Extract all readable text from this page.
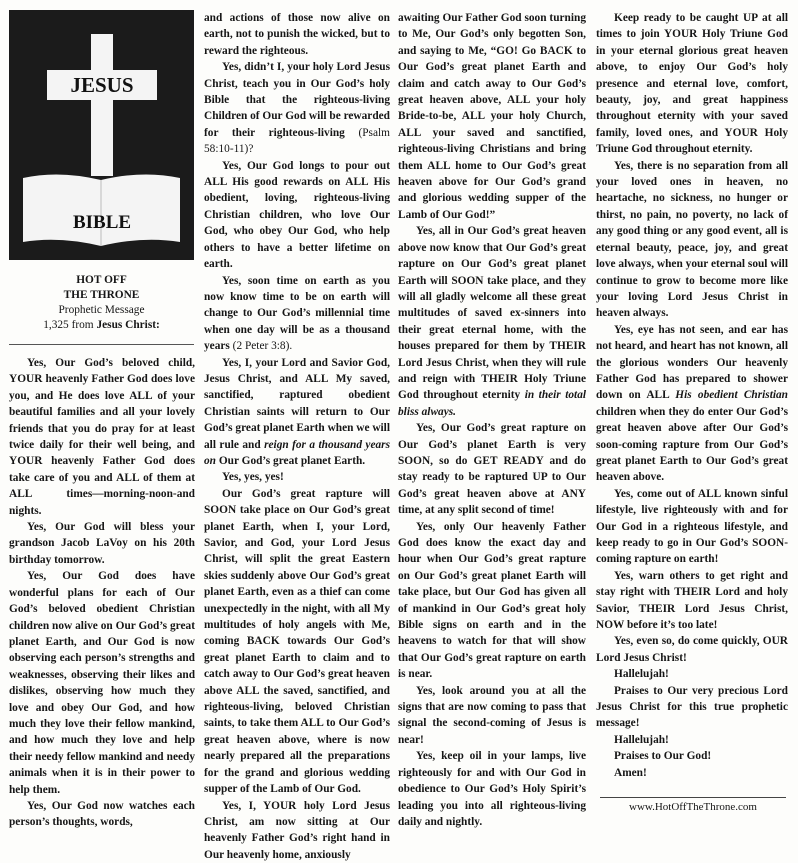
JESUS
BIBLE
HOT OFF
THE THRONE
Prophetic Message
1,325 from Jesus Christ:

Yes, Our God’s beloved child, YOUR heavenly Father God does love you, and He does love ALL of your beautiful families and all your lovely friends that you do pray for at least twice daily for their well being, and YOUR heavenly Father God does take care of you and ALL of them at ALL times—morning-noon-and nights.

Yes, Our God will bless your grandson Jacob LaVoy on his 20th birthday tomorrow.

Yes, Our God does have wonderful plans for each of Our God’s beloved obedient Christian children now alive on Our God’s great planet Earth, and Our God is now observing each person’s strengths and weaknesses, observing their likes and dislikes, observing how much they love and obey Our God, and how much they love their fellow mankind, and how much they love and help their needy fellow mankind and needy animals when it is in their power to help them.

Yes, Our God now watches each person’s thoughts, words,

and actions of those now alive on earth, not to punish the wicked, but to reward the righteous.

Yes, didn’t I, your holy Lord Jesus Christ, teach you in Our God’s holy Bible that the righteous-living Children of Our God will be rewarded for their righteous-living (Psalm 58:10-11)?

Yes, Our God longs to pour out ALL His good rewards on ALL His obedient, loving, righteous-living Christian children, who love Our God, who obey Our God, who help others to have a better lifetime on earth.

Yes, soon time on earth as you now know time to be on earth will change to Our God’s millennial time when one day will be as a thousand years (2 Peter 3:8).

Yes, I, your Lord and Savior God, Jesus Christ, and ALL My saved, sanctified, raptured obedient Christian saints will return to Our God’s great planet Earth when we will all rule and reign for a thousand years on Our God’s great planet Earth.

Yes, yes, yes!

Our God’s great rapture will SOON take place on Our God’s great planet Earth, when I, your Lord, Savior, and God, your Lord Jesus Christ, will split the great Eastern skies suddenly above Our God’s great planet Earth, even as a thief can come unexpectedly in the night, with all My multitudes of holy angels with Me, coming BACK towards Our God’s great planet Earth to claim and to catch away to Our God’s great heaven above ALL the saved, sanctified, and righteous-living, beloved Christian saints, to take them ALL to Our God’s great heaven above, where is now nearly prepared all the preparations for the grand and glorious wedding supper of the Lamb of Our God.

Yes, I, YOUR holy Lord Jesus Christ, am now sitting at Our heavenly Father God’s right hand in Our heavenly home, anxiously

awaiting Our Father God soon turning to Me, Our God’s only begotten Son, and saying to Me, “GO! Go BACK to Our God’s great planet Earth and claim and catch away to Our God’s great heaven above, ALL your holy Bride-to-be, ALL your holy Church, ALL your saved and sanctified, righteous-living Christians and bring them ALL home to Our God’s great heaven above for Our God’s grand and glorious wedding supper of the Lamb of Our God!”

Yes, all in Our God’s great heaven above now know that Our God’s great rapture on Our God’s great planet Earth will SOON take place, and they will all gladly welcome all these great multitudes of saved ex-sinners into their great eternal home, with the houses prepared for them by THEIR Lord Jesus Christ, when they will rule and reign with THEIR Holy Triune God throughout eternity in their total bliss always.

Yes, Our God’s great rapture on Our God’s planet Earth is very SOON, so do GET READY and do stay ready to be raptured UP to Our God’s great heaven above at ANY time, at any split second of time!

Yes, only Our heavenly Father God does know the exact day and hour when Our God’s great rapture on Our God’s great planet Earth will take place, but Our God has given all of mankind in Our God’s great holy Bible signs on earth and in the heavens to watch for that will show that Our God’s great rapture on earth is near.

Yes, look around you at all the signs that are now coming to pass that signal the second-coming of Jesus is near!

Yes, keep oil in your lamps, live righteously for and with Our God in obedience to Our God’s Holy Spirit’s leading you into all righteous-living daily and nightly.

Keep ready to be caught UP at all times to join YOUR Holy Triune God in your eternal glorious great heaven above, to enjoy Our God’s holy presence and eternal love, comfort, beauty, joy, and great happiness throughout eternity with your saved family, loved ones, and YOUR Holy Triune God throughout eternity.

Yes, there is no separation from all your loved ones in heaven, no heartache, no sickness, no hunger or thirst, no pain, no poverty, no lack of any good thing or any good event, all is eternal beauty, peace, joy, and great love always, when your eternal soul will continue to grow to become more like your loving Lord Jesus Christ in heaven always.

Yes, eye has not seen, and ear has not heard, and heart has not known, all the glorious wonders Our heavenly Father God has prepared to shower down on ALL His obedient Christian children when they do enter Our God’s great heaven above after Our God’s soon-coming rapture from Our God’s great planet Earth to Our God’s great heaven above.

Yes, come out of ALL known sinful lifestyle, live righteously with and for Our God in a righteous lifestyle, and keep ready to go in Our God’s SOON-coming rapture on earth!

Yes, warn others to get right and stay right with THEIR Lord and holy Savior, THEIR Lord Jesus Christ, NOW before it’s too late!

Yes, even so, do come quickly, OUR Lord Jesus Christ!

Hallelujah!

Praises to Our very precious Lord Jesus Christ for this true prophetic message!

Hallelujah!

Praises to Our God!

Amen!

www.HotOffTheThrone.com
